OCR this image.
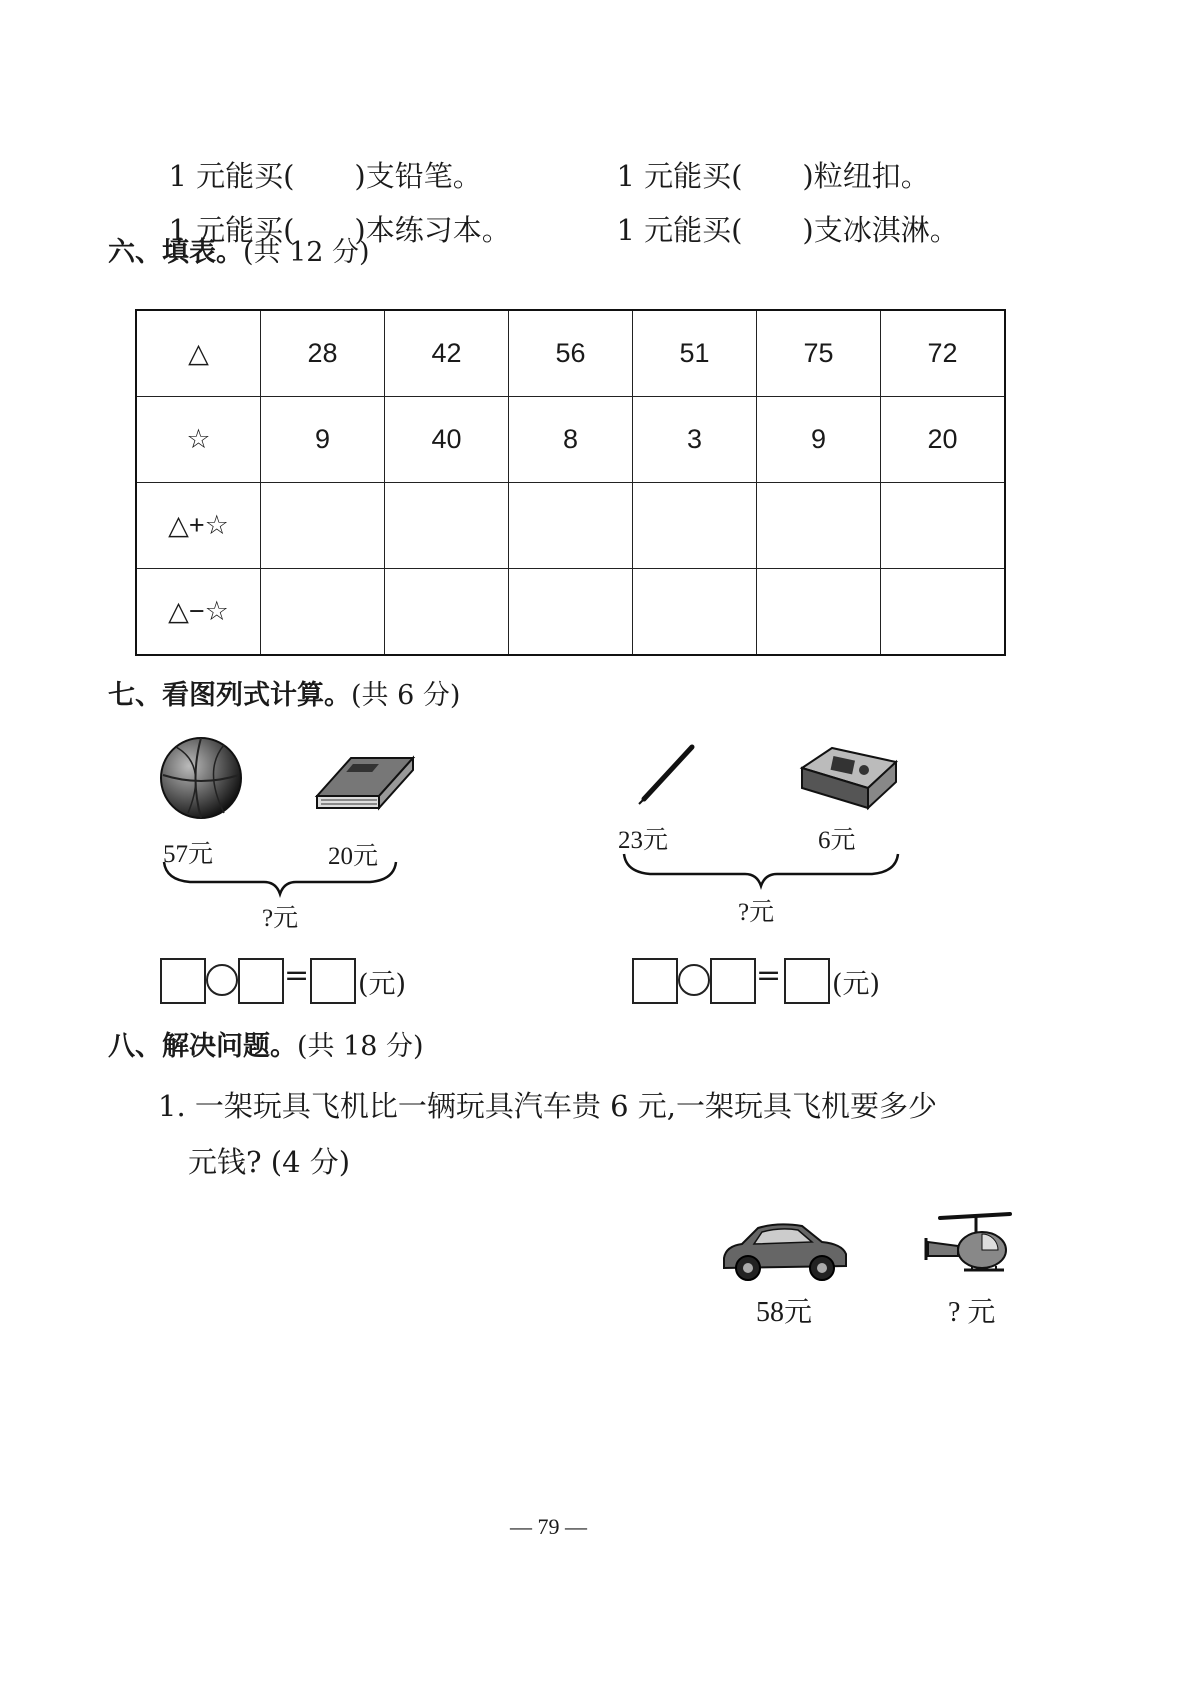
1 元能买( )支铅笔。	1 元能买( )粒纽扣。

1 元能买( )本练习本。	1 元能买( )支冰淇淋。

六、填表。(共 12 分)
△	28	42	56	51	75	72
☆	9	40	8	3	9	20
△+☆						
△−☆						
七、看图列式计算。(共 6 分)
57元	20元
?元
= (元)
23元	6元
?元
= (元)
八、解决问题。(共 18 分)
1. 一架玩具飞机比一辆玩具汽车贵 6 元,一架玩具飞机要多少
元钱? (4 分)
58元	? 元
— 79 —
